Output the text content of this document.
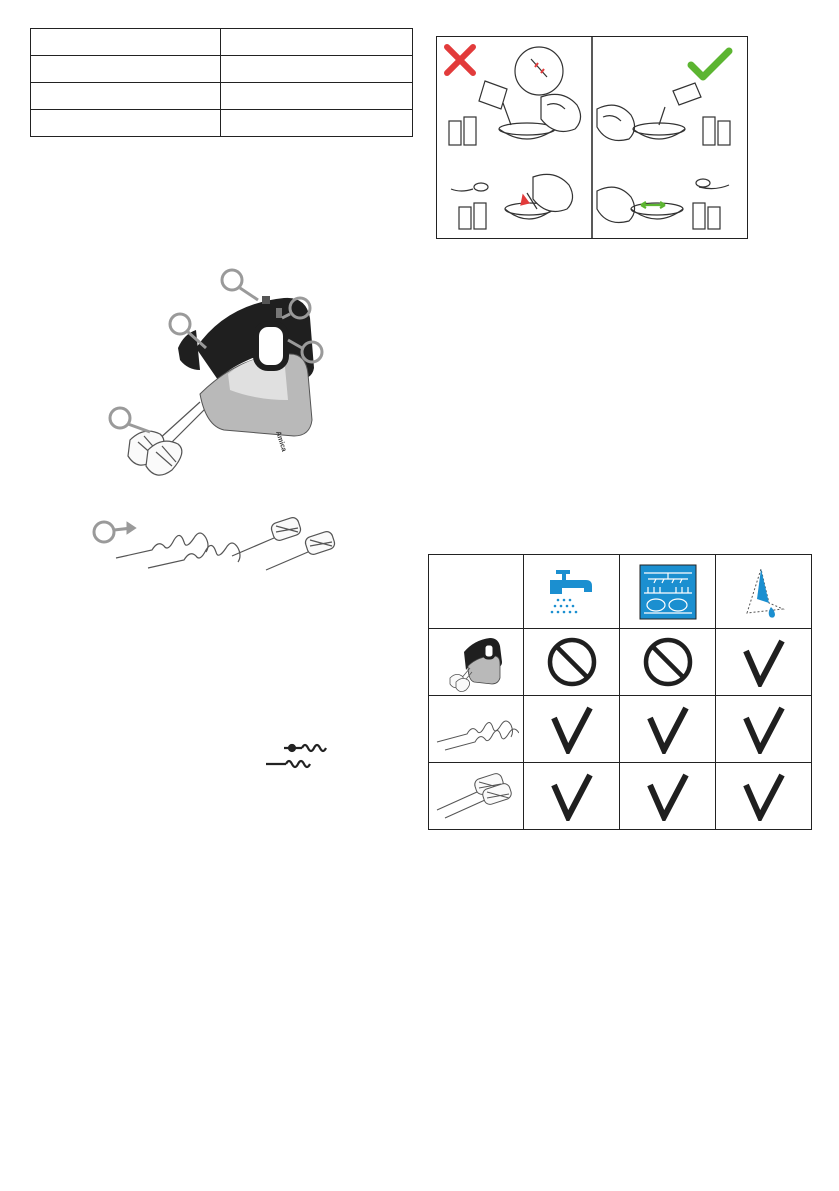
Amica
